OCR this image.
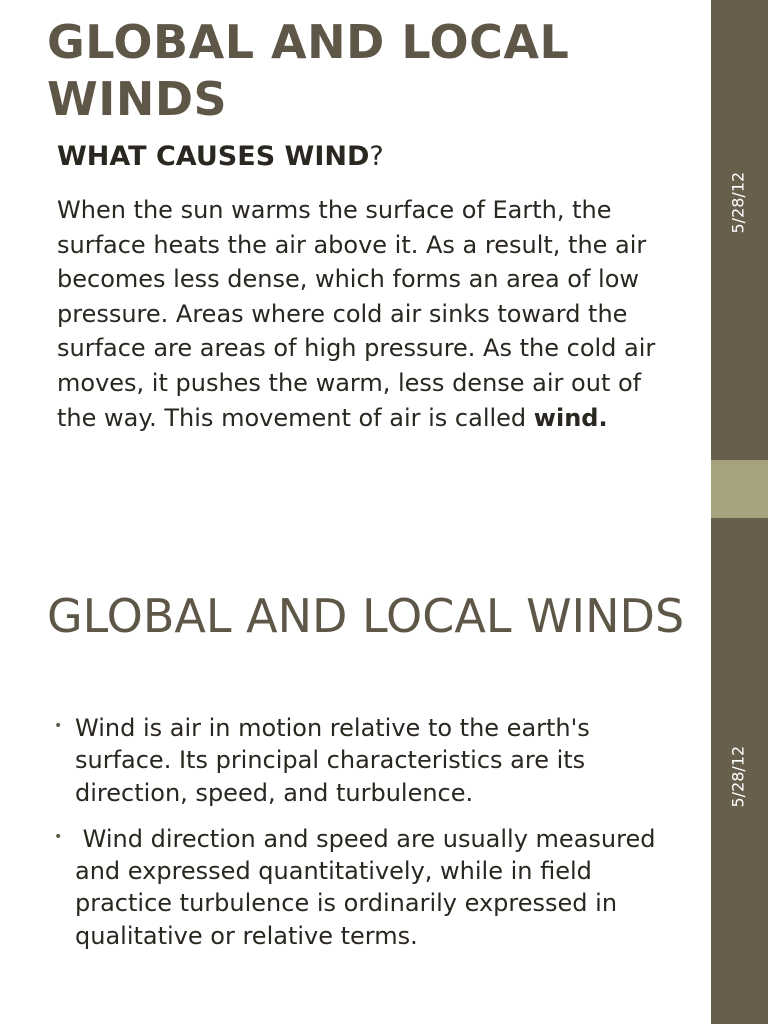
GLOBAL AND LOCAL WINDS

WHAT CAUSES WIND?

When the sun warms the surface of Earth, the surface heats the air above it. As a result, the air becomes less dense, which forms an area of low pressure. Areas where cold air sinks toward the surface are areas of high pressure. As the cold air moves, it pushes the warm, less dense air out of the way. This movement of air is called wind.

5/28/12
GLOBAL AND LOCAL WINDS
• Wind is air in motion relative to the earth's surface. Its principal characteristics are its  direction, speed, and turbulence.
• Wind direction and speed are usually measured and expressed quantitatively, while in field   practice turbulence is ordinarily expressed in qualitative or relative terms.
5/28/12
